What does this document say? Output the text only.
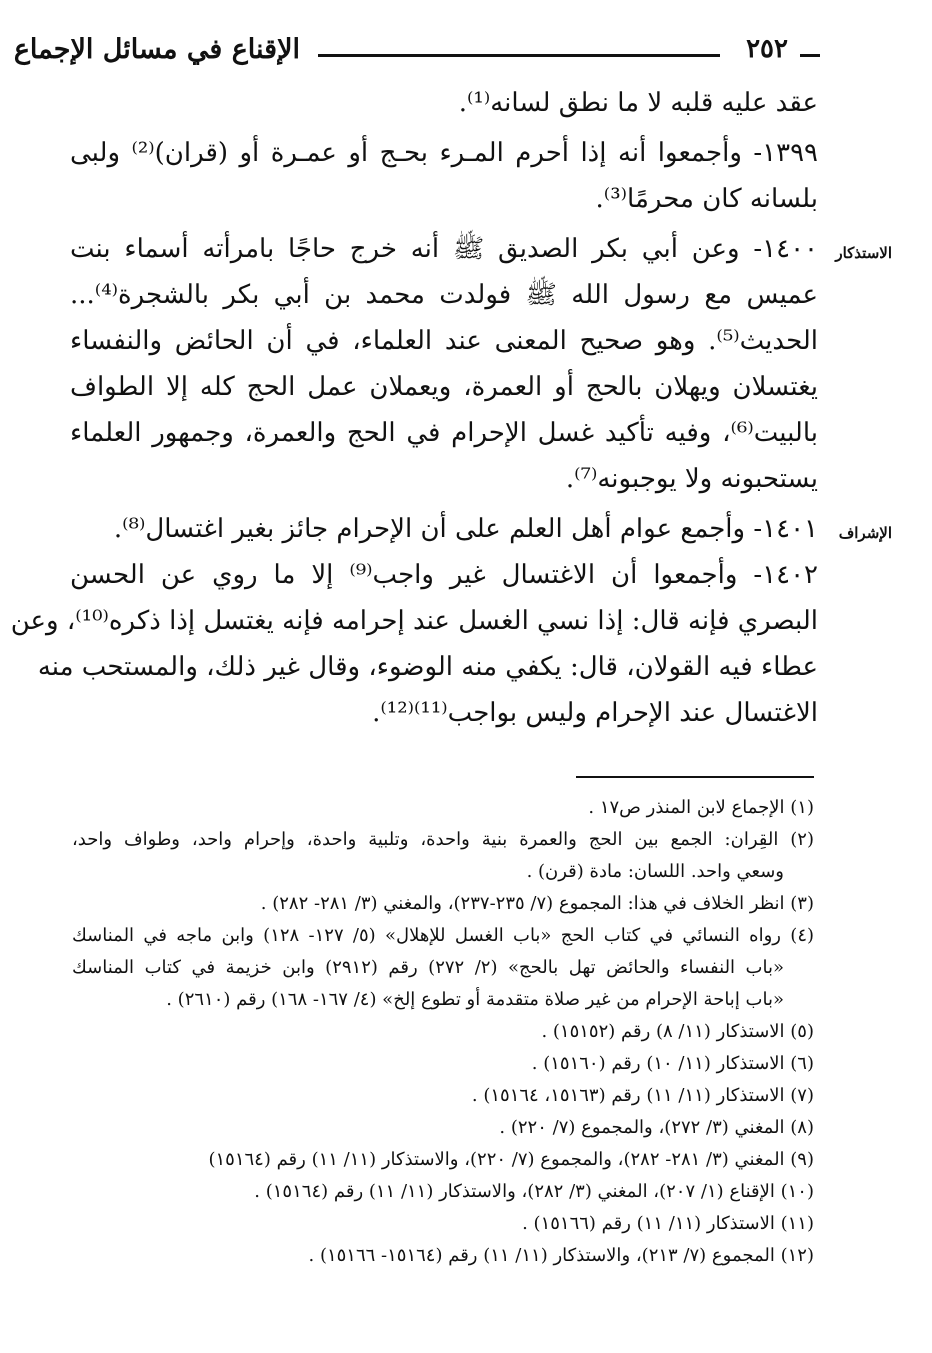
٢٥٢
الإقناع في مسائل الإجماع
الاستذكار
الإشراف
عقد عليه قلبه لا ما نطق لسانه⁽¹⁾.
١٣٩٩- وأجمعوا أنه إذا أحرم المـرء بحـج أو عمـرة أو (قران)⁽²⁾ ولبى
بلسانه كان محرمًا⁽³⁾.
١٤٠٠- وعن أبي بكر الصديق ﷺ أنه خرج حاجًا بامرأته أسماء بنت
عميس مع رسول الله ﷺ فولدت محمد بن أبي بكر بالشجرة⁽⁴⁾...
الحديث⁽⁵⁾. وهو صحيح المعنى عند العلماء، في أن الحائض والنفساء
يغتسلان ويهلان بالحج أو العمرة، ويعملان عمل الحج كله إلا الطواف
بالبيت⁽⁶⁾، وفيه تأكيد غسل الإحرام في الحج والعمرة، وجمهور العلماء
يستحبونه ولا يوجبونه⁽⁷⁾.
١٤٠١- وأجمع عوام أهل العلم على أن الإحرام جائز بغير اغتسال⁽⁸⁾.
١٤٠٢- وأجمعوا أن الاغتسال غير واجب⁽⁹⁾ إلا ما روي عن الحسن
البصري فإنه قال: إذا نسي الغسل عند إحرامه فإنه يغتسل إذا ذكره⁽¹⁰⁾، وعن
عطاء فيه القولان، قال: يكفي منه الوضوء، وقال غير ذلك، والمستحب منه
الاغتسال عند الإحرام وليس بواجب⁽¹¹⁾⁽¹²⁾.
(١) الإجماع لابن المنذر ص١٧ .
(٢) القِران: الجمع بين الحج والعمرة بنية واحدة، وتلبية واحدة، وإحرام واحد، وطواف واحد،
وسعي واحد. اللسان: مادة (قرن) .
(٣) انظر الخلاف في هذا: المجموع (٧/ ٢٣٥-٢٣٧)، والمغني (٣/ ٢٨١- ٢٨٢) .
(٤) رواه النسائي في كتاب الحج «باب الغسل للإهلال» (٥/ ١٢٧- ١٢٨) وابن ماجه في المناسك
«باب النفساء والحائض تهل بالحج» (٢/ ٢٧٢) رقم (٢٩١٢) وابن خزيمة في كتاب المناسك
«باب إباحة الإحرام من غير صلاة متقدمة أو تطوع إلخ» (٤/ ١٦٧- ١٦٨) رقم (٢٦١٠) .
(٥) الاستذكار (١١/ ٨) رقم (١٥١٥٢) .
(٦) الاستذكار (١١/ ١٠) رقم (١٥١٦٠) .
(٧) الاستذكار (١١/ ١١) رقم (١٥١٦٣، ١٥١٦٤) .
(٨) المغني (٣/ ٢٧٢)، والمجموع (٧/ ٢٢٠) .
(٩) المغني (٣/ ٢٨١- ٢٨٢)، والمجموع (٧/ ٢٢٠)، والاستذكار (١١/ ١١) رقم (١٥١٦٤)
(١٠) الإقناع (١/ ٢٠٧)، المغني (٣/ ٢٨٢)، والاستذكار (١١/ ١١) رقم (١٥١٦٤) .
(١١) الاستذكار (١١/ ١١) رقم (١٥١٦٦) .
(١٢) المجموع (٧/ ٢١٣)، والاستذكار (١١/ ١١) رقم (١٥١٦٤- ١٥١٦٦) .
